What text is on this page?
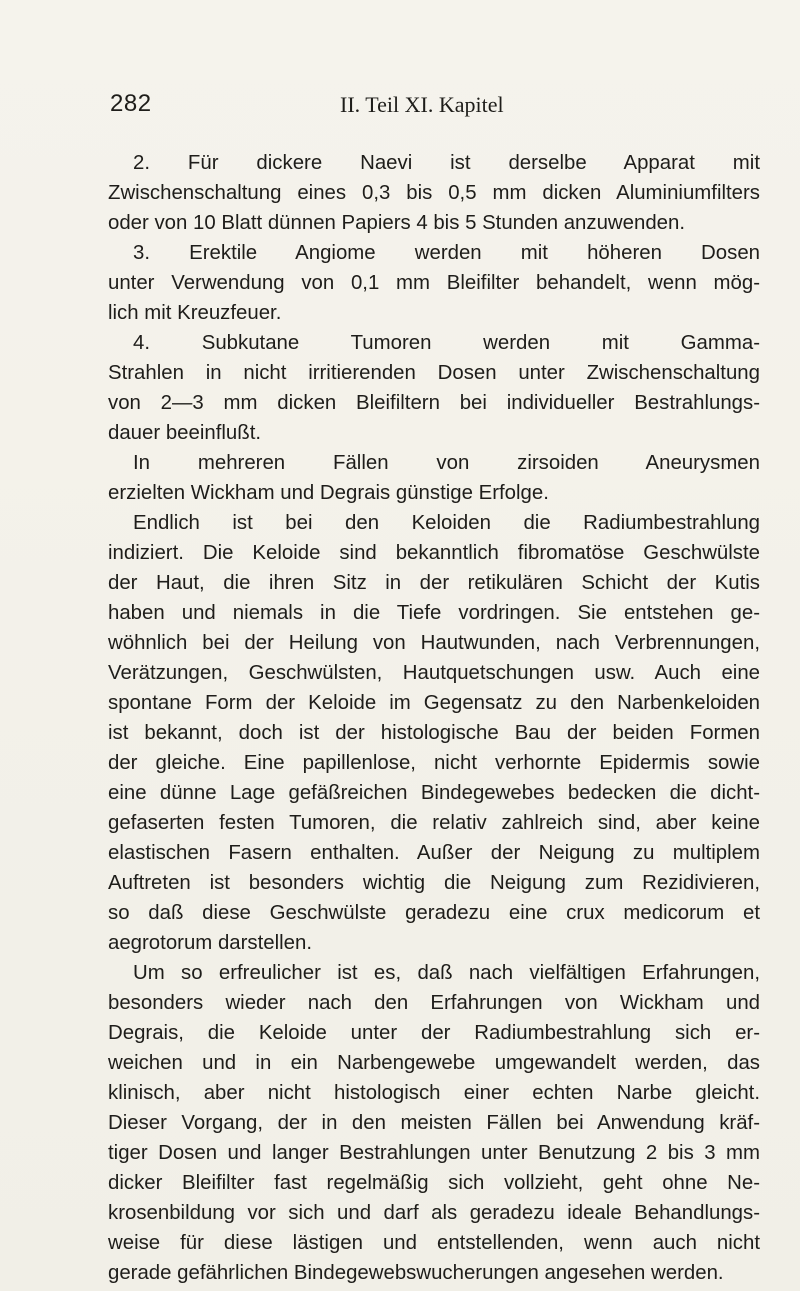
282	II. Teil XI. Kapitel
2. Für dickere Naevi ist derselbe Apparat mit
Zwischenschaltung eines 0,3 bis 0,5 mm dicken Aluminiumfilters
oder von 10 Blatt dünnen Papiers 4 bis 5 Stunden anzuwenden.
3. Erektile Angiome werden mit höheren Dosen
unter Verwendung von 0,1 mm Bleifilter behandelt, wenn mög-
lich mit Kreuzfeuer.
4. Subkutane Tumoren werden mit Gamma-
Strahlen in nicht irritierenden Dosen unter Zwischenschaltung
von 2—3 mm dicken Bleifiltern bei individueller Bestrahlungs-
dauer beeinflußt.
In mehreren Fällen von zirsoiden Aneurysmen
erzielten Wickham und Degrais günstige Erfolge.
Endlich ist bei den Keloiden die Radiumbestrahlung
indiziert. Die Keloide sind bekanntlich fibromatöse Geschwülste
der Haut, die ihren Sitz in der retikulären Schicht der Kutis
haben und niemals in die Tiefe vordringen. Sie entstehen ge-
wöhnlich bei der Heilung von Hautwunden, nach Verbrennungen,
Verätzungen, Geschwülsten, Hautquetschungen usw. Auch eine
spontane Form der Keloide im Gegensatz zu den Narbenkeloiden
ist bekannt, doch ist der histologische Bau der beiden Formen
der gleiche. Eine papillenlose, nicht verhornte Epidermis sowie
eine dünne Lage gefäßreichen Bindegewebes bedecken die dicht-
gefaserten festen Tumoren, die relativ zahlreich sind, aber keine
elastischen Fasern enthalten. Außer der Neigung zu multiplem
Auftreten ist besonders wichtig die Neigung zum Rezidivieren,
so daß diese Geschwülste geradezu eine crux medicorum et
aegrotorum darstellen.
Um so erfreulicher ist es, daß nach vielfältigen Erfahrungen,
besonders wieder nach den Erfahrungen von Wickham und
Degrais, die Keloide unter der Radiumbestrahlung sich er-
weichen und in ein Narbengewebe umgewandelt werden, das
klinisch, aber nicht histologisch einer echten Narbe gleicht.
Dieser Vorgang, der in den meisten Fällen bei Anwendung kräf-
tiger Dosen und langer Bestrahlungen unter Benutzung 2 bis 3 mm
dicker Bleifilter fast regelmäßig sich vollzieht, geht ohne Ne-
krosenbildung vor sich und darf als geradezu ideale Behandlungs-
weise für diese lästigen und entstellenden, wenn auch nicht
gerade gefährlichen Bindegewebswucherungen angesehen werden.
